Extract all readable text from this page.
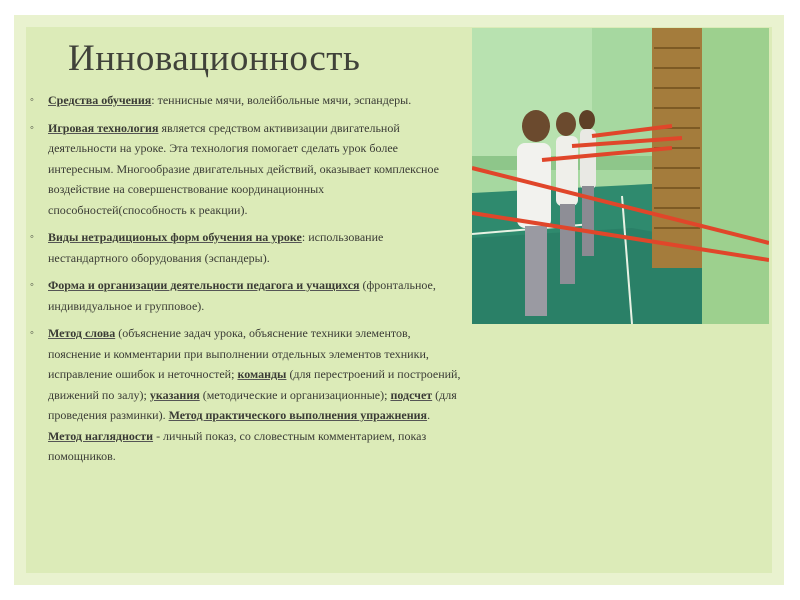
Инновационность
◦ Средства обучения: теннисные мячи, волейбольные мячи, эспандеры.
◦ Игровая технология является средством активизации двигательной деятельности на уроке. Эта технология помогает сделать урок более интересным. Многообразие двигательных действий, оказывает комплексное воздействие на совершенствование координационных способностей(способность к реакции).
◦ Виды нетрадиционых форм обучения на уроке: использование нестандартного оборудования (эспандеры).
◦ Форма и организации деятельности педагога и учащихся (фронтальное, индивидуальное и групповое).
◦ Метод слова (объяснение задач урока, объяснение техники элементов, пояснение и комментарии при выполнении отдельных элементов техники, исправление ошибок и неточностей; команды (для перестроений и построений, движений по залу); указания (методические и организационные); подсчет (для проведения разминки). Метод практического выполнения упражнения. Метод наглядности - личный показ, со словестным комментарием, показ помощников.
